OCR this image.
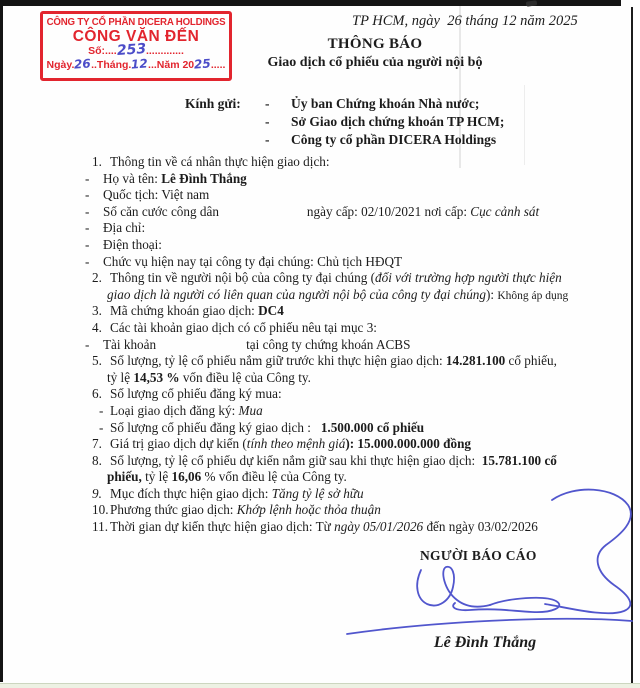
CÔNG TY CỔ PHẦN DICERA HOLDINGS
CÔNG VĂN ĐẾN
Số:....253.............
Ngày.26..Tháng.12...Năm 2025.....
TP HCM, ngày  26 tháng 12 năm 2025
THÔNG BÁO
Giao dịch cổ phiếu của người nội bộ
Kính gửi:	-	Ủy ban Chứng khoán Nhà nước;
-	Sở Giao dịch chứng khoán TP HCM;
-	Công ty cổ phần DICERA Holdings
1. Thông tin về cá nhân thực hiện giao dịch:
- Họ và tên: Lê Đình Thắng
- Quốc tịch: Việt nam
- Số căn cước công dân	ngày cấp: 02/10/2021 nơi cấp: Cục cảnh sát
- Địa chỉ:
- Điện thoại:
- Chức vụ hiện nay tại công ty đại chúng: Chủ tịch HĐQT
2. Thông tin về người nội bộ của công ty đại chúng (đối với trường hợp người thực hiện
giao dịch là người có liên quan của người nội bộ của công ty đại chúng): Không áp dụng
3. Mã chứng khoán giao dịch: DC4
4. Các tài khoản giao dịch có cổ phiếu nêu tại mục 3:
- Tài khoản	tại công ty chứng khoán ACBS
5. Số lượng, tỷ lệ cổ phiếu nắm giữ trước khi thực hiện giao dịch: 14.281.100 cổ phiếu,
tỷ lệ 14,53 % vốn điều lệ của Công ty.
6. Số lượng cổ phiếu đăng ký mua:
- Loại giao dịch đăng ký: Mua
- Số lượng cổ phiếu đăng ký giao dịch :   1.500.000 cổ phiếu
7. Giá trị giao dịch dự kiến (tính theo mệnh giá): 15.000.000.000 đồng
8. Số lượng, tỷ lệ cổ phiếu dự kiến nắm giữ sau khi thực hiện giao dịch:  15.781.100 cổ
phiếu, tỷ lệ 16,06 % vốn điều lệ của Công ty.
9. Mục đích thực hiện giao dịch: Tăng tỷ lệ sở hữu
10. Phương thức giao dịch: Khớp lệnh hoặc thỏa thuận
11. Thời gian dự kiến thực hiện giao dịch: Từ ngày 05/01/2026 đến ngày 03/02/2026
NGƯỜI BÁO CÁO
Lê Đình Thắng
